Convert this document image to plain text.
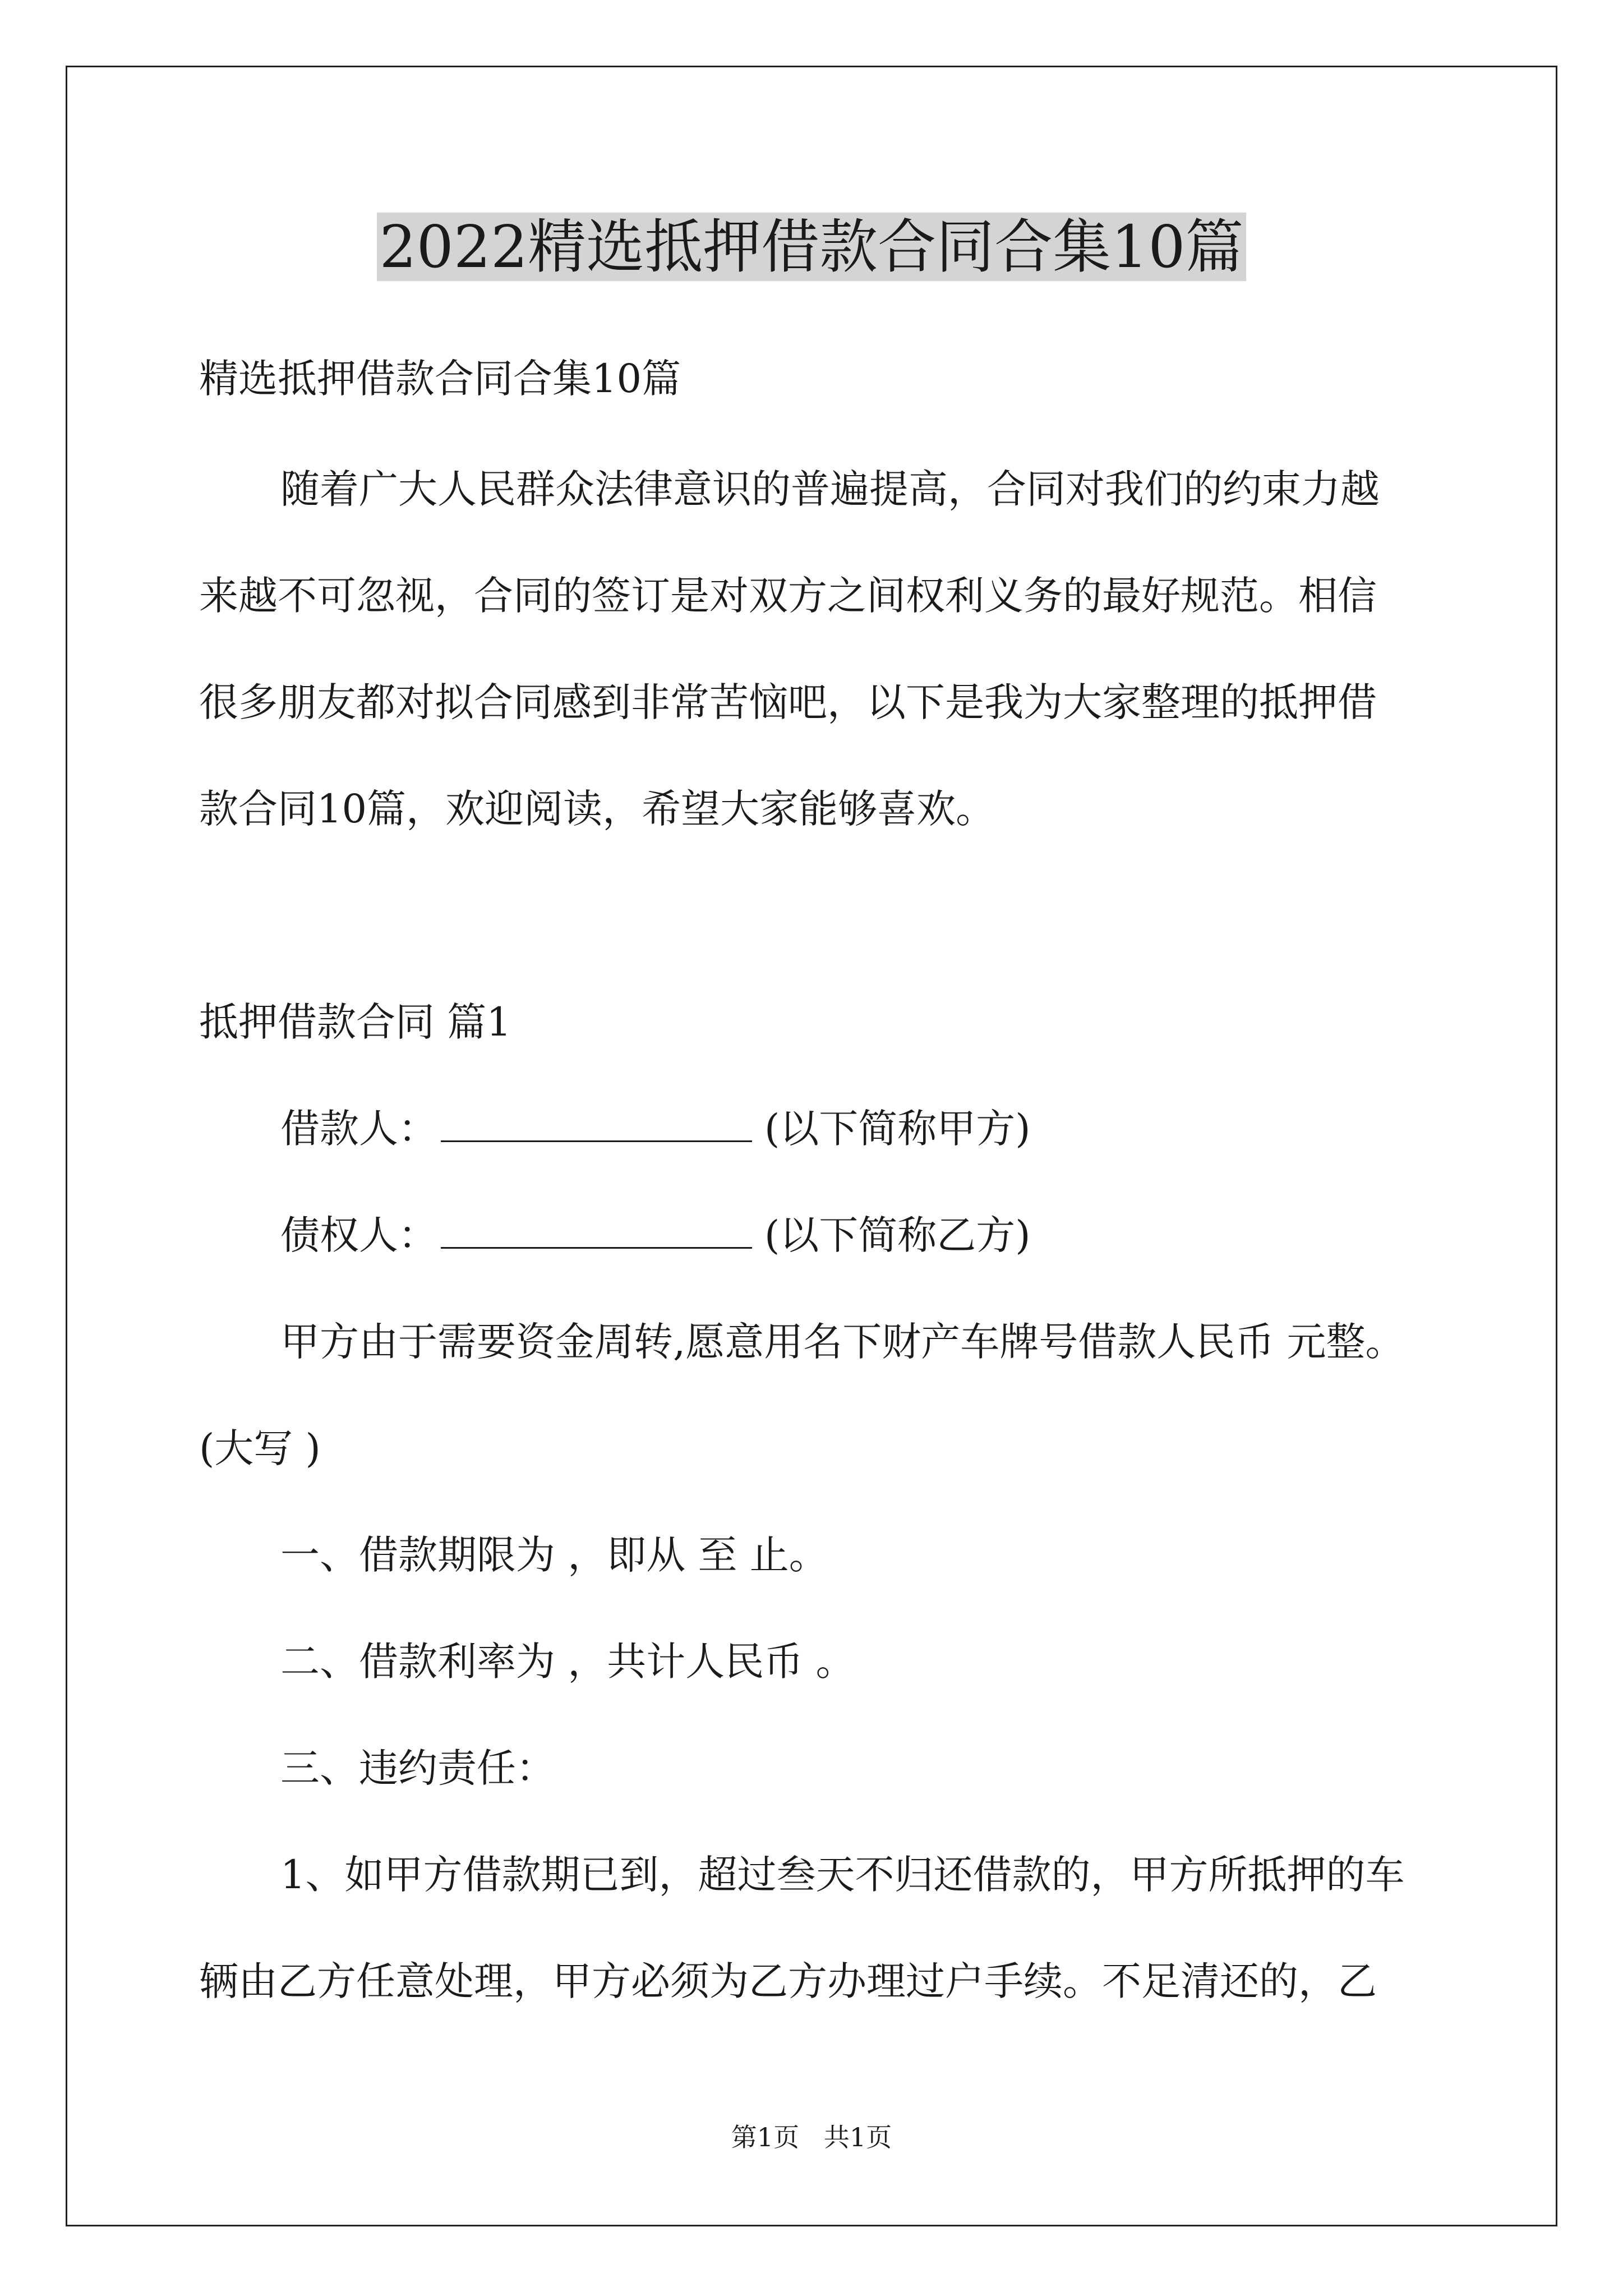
2022精选抵押借款合同合集10篇
精选抵押借款合同合集10篇
随着广大人民群众法律意识的普遍提高，合同对我们的约束力越
来越不可忽视，合同的签订是对双方之间权利义务的最好规范。相信
很多朋友都对拟合同感到非常苦恼吧，以下是我为大家整理的抵押借
款合同10篇，欢迎阅读，希望大家能够喜欢。
抵押借款合同 篇1
借款人：	(以下简称甲方)
债权人：	(以下简称乙方)
甲方由于需要资金周转,愿意用名下财产车牌号借款人民币 元整。
(大写 )
一、借款期限为 ，即从 至 止。
二、借款利率为 ，共计人民币 。
三、违约责任：
1、如甲方借款期已到，超过叁天不归还借款的，甲方所抵押的车
辆由乙方任意处理，甲方必须为乙方办理过户手续。不足清还的，乙
第1页   共1页
